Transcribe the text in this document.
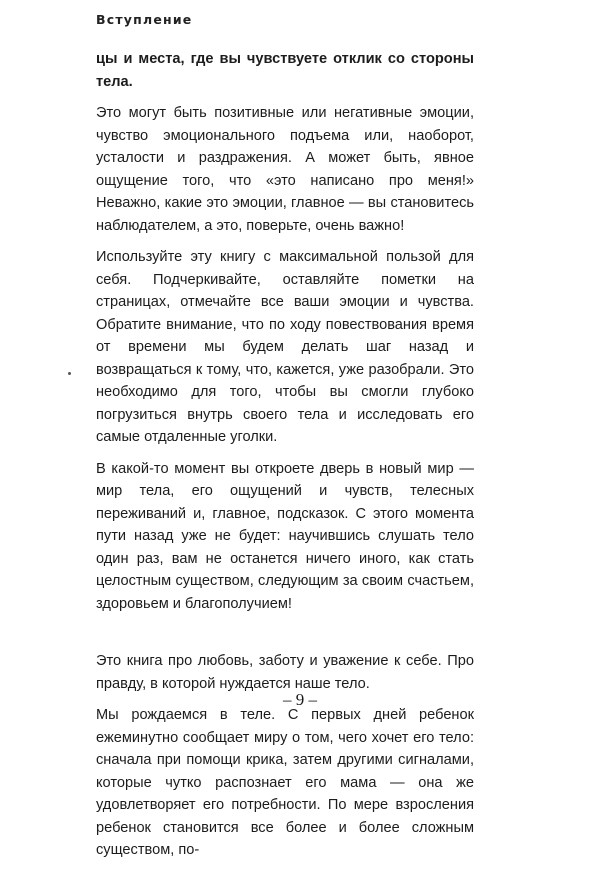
Вступление

цы и места, где вы чувствуете отклик со стороны тела.

Это могут быть позитивные или негативные эмоции, чувство эмоционального подъема или, наоборот, усталости и раздражения. А может быть, явное ощущение того, что «это написано про меня!» Неважно, какие это эмоции, главное — вы становитесь наблюдателем, а это, поверьте, очень важно!

Используйте эту книгу с максимальной пользой для себя. Подчеркивайте, оставляйте пометки на страницах, отмечайте все ваши эмоции и чувства. Обратите внимание, что по ходу повествования время от времени мы будем делать шаг назад и возвращаться к тому, что, кажется, уже разобрали. Это необходимо для того, чтобы вы смогли глубоко погрузиться внутрь своего тела и исследовать его самые отдаленные уголки.

В какой-то момент вы откроете дверь в новый мир — мир тела, его ощущений и чувств, телесных переживаний и, главное, подсказок. С этого момента пути назад уже не будет: научившись слушать тело один раз, вам не останется ничего иного, как стать целостным существом, следующим за своим счастьем, здоровьем и благополучием!

Это книга про любовь, заботу и уважение к себе. Про правду, в которой нуждается наше тело.

Мы рождаемся в теле. С первых дней ребенок ежеминутно сообщает миру о том, чего хочет его тело: сначала при помощи крика, затем другими сигналами, которые чутко распознает его мама — она же удовлетворяет его потребности. По мере взросления ребенок становится все более и более сложным существом, по-

– 9 –
